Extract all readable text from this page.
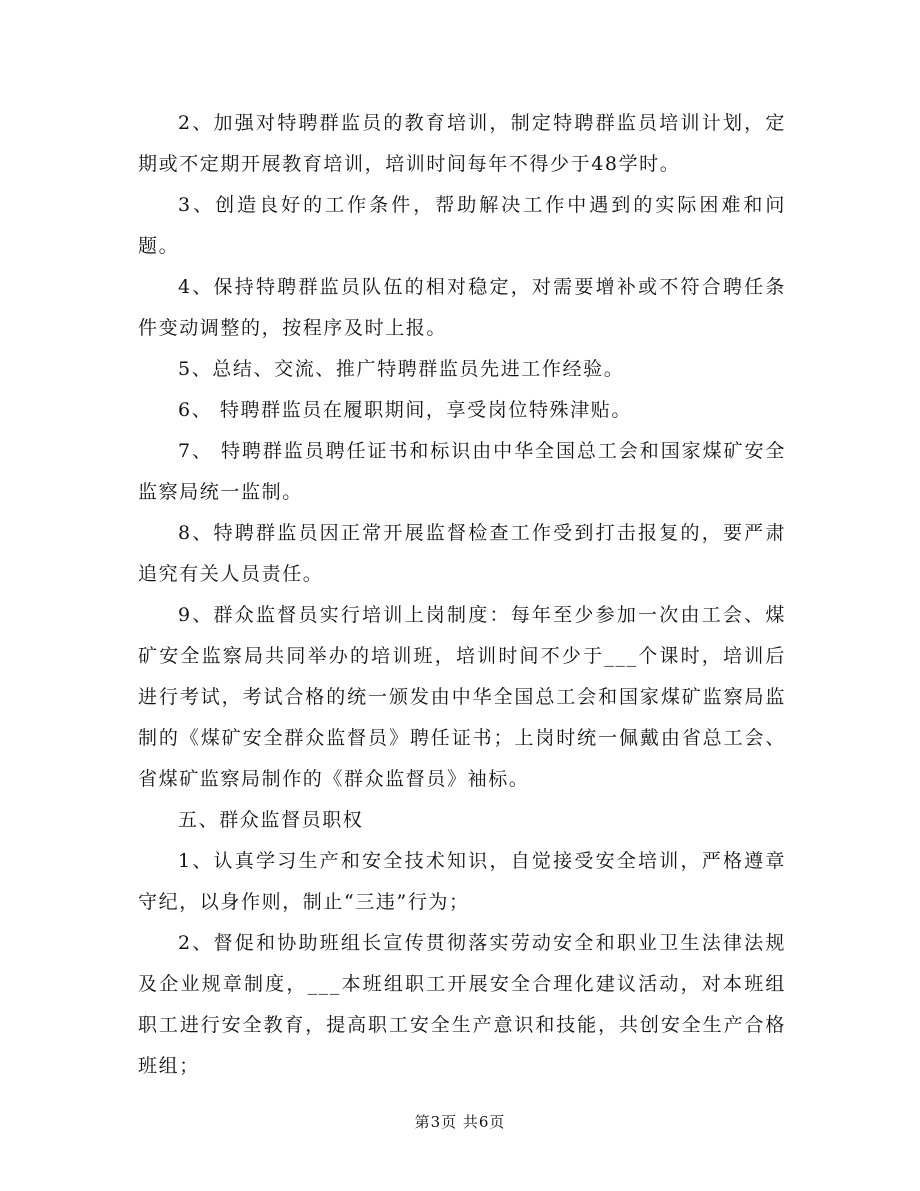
2、加强对特聘群监员的教育培训，制定特聘群监员培训计划，定期或不定期开展教育培训，培训时间每年不得少于48学时。

3、创造良好的工作条件，帮助解决工作中遇到的实际困难和问题。

4、保持特聘群监员队伍的相对稳定，对需要增补或不符合聘任条件变动调整的，按程序及时上报。

5、总结、交流、推广特聘群监员先进工作经验。

6、 特聘群监员在履职期间，享受岗位特殊津贴。

7、 特聘群监员聘任证书和标识由中华全国总工会和国家煤矿安全监察局统一监制。

8、特聘群监员因正常开展监督检查工作受到打击报复的，要严肃追究有关人员责任。

9、群众监督员实行培训上岗制度：每年至少参加一次由工会、煤矿安全监察局共同举办的培训班，培训时间不少于___个课时，培训后进行考试，考试合格的统一颁发由中华全国总工会和国家煤矿监察局监制的《煤矿安全群众监督员》聘任证书；上岗时统一佩戴由省总工会、省煤矿监察局制作的《群众监督员》袖标。

五、群众监督员职权

1、认真学习生产和安全技术知识，自觉接受安全培训，严格遵章守纪，以身作则，制止“三违”行为；

2、督促和协助班组长宣传贯彻落实劳动安全和职业卫生法律法规及企业规章制度，___本班组职工开展安全合理化建议活动，对本班组职工进行安全教育，提高职工安全生产意识和技能，共创安全生产合格班组；

第3页 共6页
